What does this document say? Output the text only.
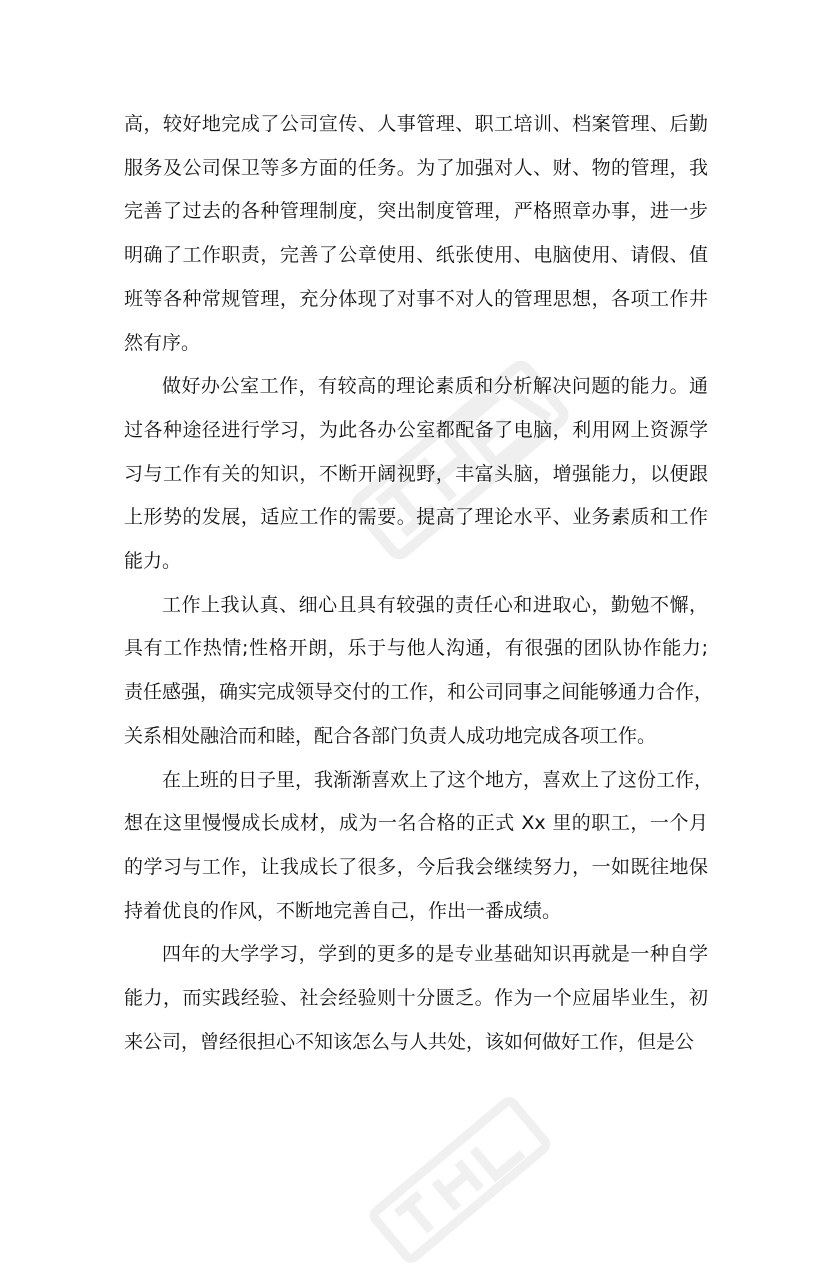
高，较好地完成了公司宣传、人事管理、职工培训、档案管理、后勤
服务及公司保卫等多方面的任务。为了加强对人、财、物的管理，我
完善了过去的各种管理制度，突出制度管理，严格照章办事，进一步
明确了工作职责，完善了公章使用、纸张使用、电脑使用、请假、值
班等各种常规管理，充分体现了对事不对人的管理思想，各项工作井
然有序。
做好办公室工作，有较高的理论素质和分析解决问题的能力。通
过各种途径进行学习，为此各办公室都配备了电脑，利用网上资源学
习与工作有关的知识，不断开阔视野，丰富头脑，增强能力，以便跟
上形势的发展，适应工作的需要。提高了理论水平、业务素质和工作
能力。
工作上我认真、细心且具有较强的责任心和进取心，勤勉不懈，
具有工作热情;性格开朗，乐于与他人沟通，有很强的团队协作能力;
责任感强，确实完成领导交付的工作，和公司同事之间能够通力合作，
关系相处融洽而和睦，配合各部门负责人成功地完成各项工作。
在上班的日子里，我渐渐喜欢上了这个地方，喜欢上了这份工作，
想在这里慢慢成长成材，成为一名合格的正式 Xx 里的职工，一个月
的学习与工作，让我成长了很多，今后我会继续努力，一如既往地保
持着优良的作风，不断地完善自己，作出一番成绩。
四年的大学学习，学到的更多的是专业基础知识再就是一种自学
能力，而实践经验、社会经验则十分匮乏。作为一个应届毕业生，初
来公司，曾经很担心不知该怎么与人共处，该如何做好工作，但是公
